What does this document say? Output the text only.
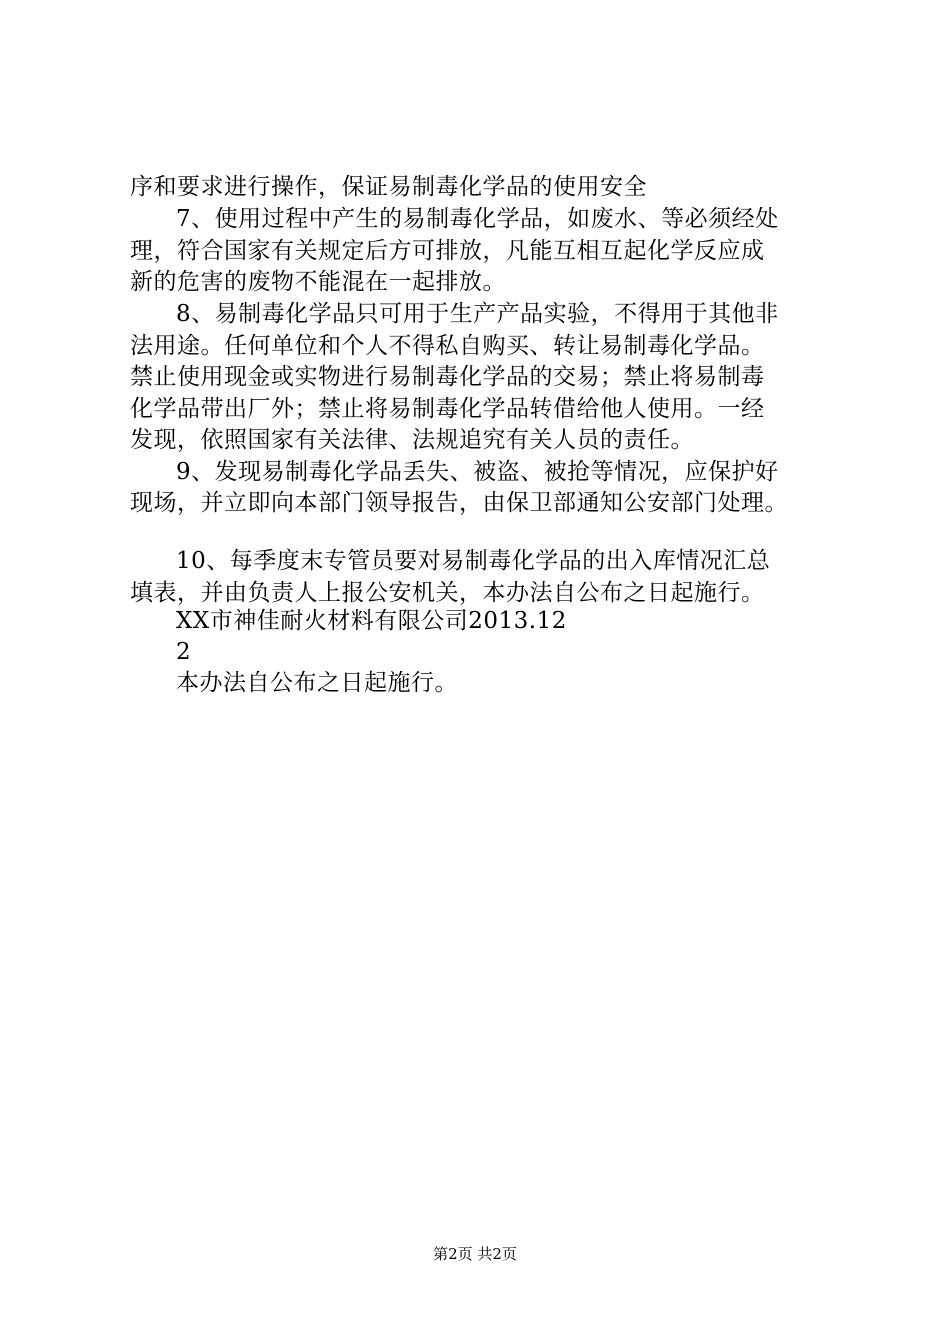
序和要求进行操作，保证易制毒化学品的使用安全
7、使用过程中产生的易制毒化学品，如废水、等必须经处
理，符合国家有关规定后方可排放，凡能互相互起化学反应成
新的危害的废物不能混在一起排放。
8、易制毒化学品只可用于生产产品实验，不得用于其他非
法用途。任何单位和个人不得私自购买、转让易制毒化学品。
禁止使用现金或实物进行易制毒化学品的交易；禁止将易制毒
化学品带出厂外；禁止将易制毒化学品转借给他人使用。一经
发现，依照国家有关法律、法规追究有关人员的责任。
9、发现易制毒化学品丢失、被盗、被抢等情况，应保护好
现场，并立即向本部门领导报告，由保卫部通知公安部门处理。
10、每季度末专管员要对易制毒化学品的出入库情况汇总
填表，并由负责人上报公安机关，本办法自公布之日起施行。
XX市神佳耐火材料有限公司2013.12
2
本办法自公布之日起施行。
第2页 共2页
